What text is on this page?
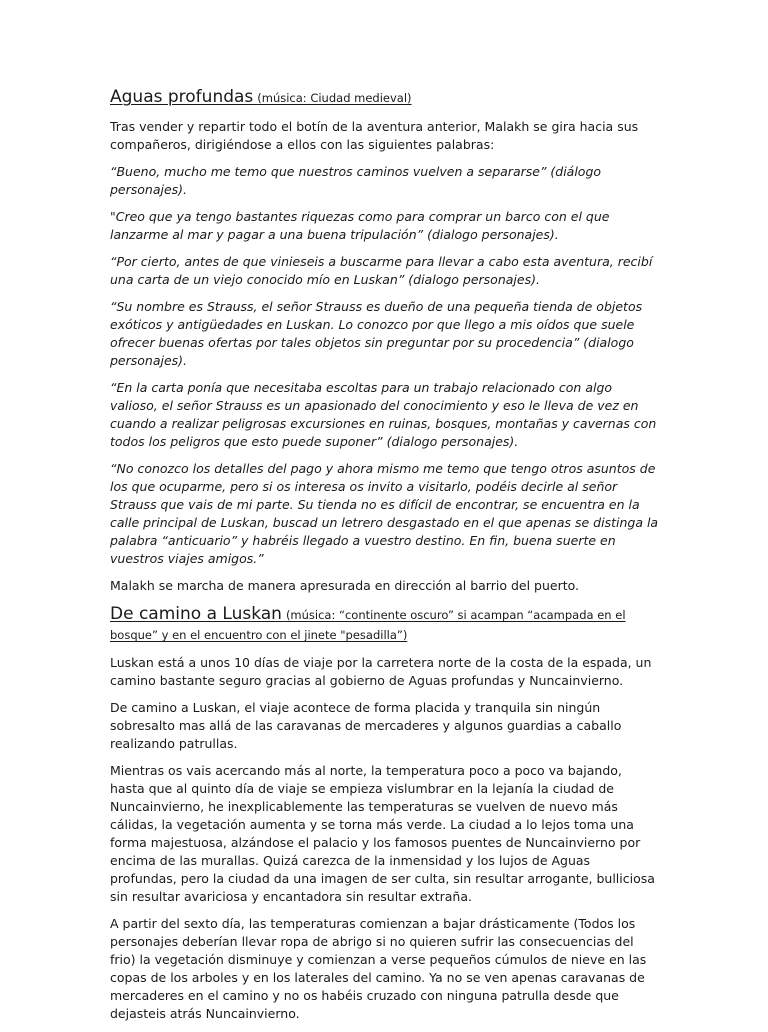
Aguas profundas (música: Ciudad medieval)

Tras vender y repartir todo el botín de la aventura anterior, Malakh se gira hacia sus compañeros, dirigiéndose a ellos con las siguientes palabras:

“Bueno, mucho me temo que nuestros caminos vuelven a separarse” (diálogo personajes).

"Creo que ya tengo bastantes riquezas como para comprar un barco con el que lanzarme al mar y pagar a una buena tripulación” (dialogo personajes).

“Por cierto, antes de que vinieseis a buscarme para llevar a cabo esta aventura, recibí una carta de un viejo conocido mío en Luskan” (dialogo personajes).

“Su nombre es Strauss, el señor Strauss es dueño de una pequeña tienda de objetos exóticos y antigüedades en Luskan. Lo conozco por que llego a mis oídos que suele ofrecer buenas ofertas por tales objetos sin preguntar por su procedencia” (dialogo personajes).

“En la carta ponía que necesitaba escoltas para un trabajo relacionado con algo valioso, el señor Strauss es un apasionado del conocimiento y eso le lleva de vez en cuando a realizar peligrosas excursiones en ruinas, bosques, montañas y cavernas con todos los peligros que esto puede suponer” (dialogo personajes).

“No conozco los detalles del pago y ahora mismo me temo que tengo otros asuntos de los que ocuparme, pero si os interesa os invito a visitarlo, podéis decirle al señor Strauss que vais de mi parte. Su tienda no es difícil de encontrar, se encuentra en la calle principal de Luskan, buscad un letrero desgastado en el que apenas se distinga la palabra “anticuario” y habréis llegado a vuestro destino. En fin, buena suerte en vuestros viajes amigos.”

Malakh se marcha de manera apresurada en dirección al barrio del puerto.

De camino a Luskan (música: “continente oscuro” si acampan “acampada en el bosque” y en el encuentro con el jinete "pesadilla”)

Luskan está a unos 10 días de viaje por la carretera norte de la costa de la espada, un camino bastante seguro gracias al gobierno de Aguas profundas y Nuncainvierno.

De camino a Luskan, el viaje acontece de forma placida y tranquila sin ningún sobresalto mas allá de las caravanas de mercaderes y algunos guardias a caballo realizando patrullas.

Mientras os vais acercando más al norte, la temperatura poco a poco va bajando, hasta que al quinto día de viaje se empieza vislumbrar en la lejanía la ciudad de Nuncainvierno, he inexplicablemente las temperaturas se vuelven de nuevo más cálidas, la vegetación aumenta y se torna más verde. La ciudad a lo lejos toma una forma majestuosa, alzándose el palacio y los famosos puentes de Nuncainvierno por encima de las murallas. Quizá carezca de la inmensidad y los lujos de Aguas profundas, pero la ciudad da una imagen de ser culta, sin resultar arrogante, bulliciosa sin resultar avariciosa y encantadora sin resultar extraña.

A partir del sexto día, las temperaturas comienzan a bajar drásticamente (Todos los personajes deberían llevar ropa de abrigo si no quieren sufrir las consecuencias del frio) la vegetación disminuye y comienzan a verse pequeños cúmulos de nieve en las copas de los arboles y en los laterales del camino. Ya no se ven apenas caravanas de mercaderes en el camino y no os habéis cruzado con ninguna patrulla desde que dejasteis atrás Nuncainvierno.
